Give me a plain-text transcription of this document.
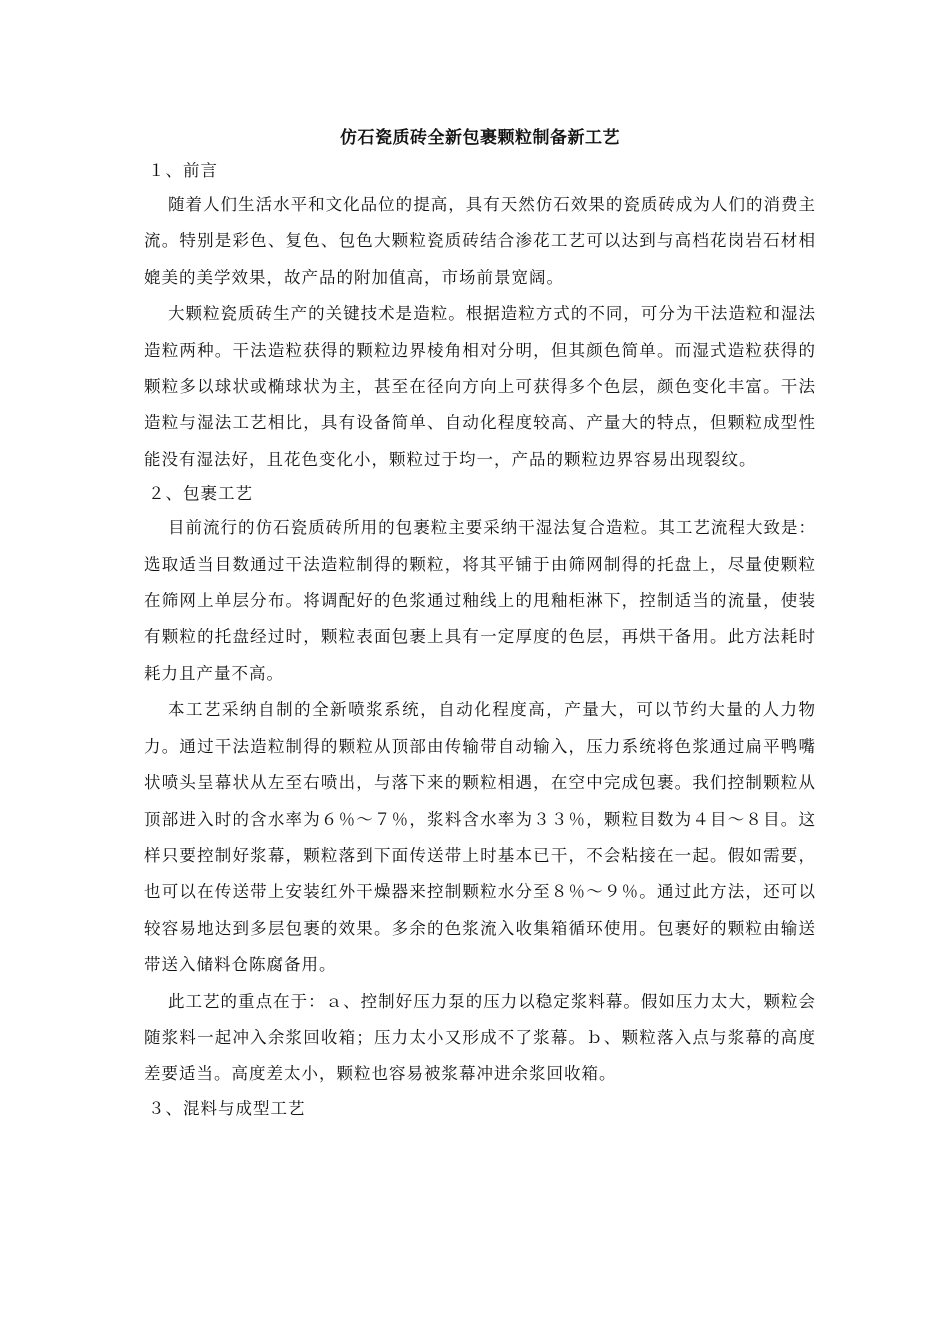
仿石瓷质砖全新包裹颗粒制备新工艺
１、前言

随着人们生活水平和文化品位的提高，具有天然仿石效果的瓷质砖成为人们的消费主流。特别是彩色、复色、包色大颗粒瓷质砖结合渗花工艺可以达到与高档花岗岩石材相媲美的美学效果，故产品的附加值高，市场前景宽阔。

大颗粒瓷质砖生产的关键技术是造粒。根据造粒方式的不同，可分为干法造粒和湿法造粒两种。干法造粒获得的颗粒边界棱角相对分明，但其颜色简单。而湿式造粒获得的颗粒多以球状或椭球状为主，甚至在径向方向上可获得多个色层，颜色变化丰富。干法造粒与湿法工艺相比，具有设备简单、自动化程度较高、产量大的特点，但颗粒成型性能没有湿法好，且花色变化小，颗粒过于均一，产品的颗粒边界容易出现裂纹。

２、包裹工艺

目前流行的仿石瓷质砖所用的包裹粒主要采纳干湿法复合造粒。其工艺流程大致是：选取适当目数通过干法造粒制得的颗粒，将其平铺于由筛网制得的托盘上，尽量使颗粒在筛网上单层分布。将调配好的色浆通过釉线上的甩釉柜淋下，控制适当的流量，使装有颗粒的托盘经过时，颗粒表面包裹上具有一定厚度的色层，再烘干备用。此方法耗时耗力且产量不高。

本工艺采纳自制的全新喷浆系统，自动化程度高，产量大，可以节约大量的人力物力。通过干法造粒制得的颗粒从顶部由传输带自动输入，压力系统将色浆通过扁平鸭嘴状喷头呈幕状从左至右喷出，与落下来的颗粒相遇，在空中完成包裹。我们控制颗粒从顶部进入时的含水率为６％～７％，浆料含水率为３３％，颗粒目数为４目～８目。这样只要控制好浆幕，颗粒落到下面传送带上时基本已干，不会粘接在一起。假如需要，也可以在传送带上安装红外干燥器来控制颗粒水分至８％～９％。通过此方法，还可以较容易地达到多层包裹的效果。多余的色浆流入收集箱循环使用。包裹好的颗粒由输送带送入储料仓陈腐备用。

此工艺的重点在于：ａ、控制好压力泵的压力以稳定浆料幕。假如压力太大，颗粒会随浆料一起冲入余浆回收箱；压力太小又形成不了浆幕。ｂ、颗粒落入点与浆幕的高度差要适当。高度差太小，颗粒也容易被浆幕冲进余浆回收箱。

３、混料与成型工艺
